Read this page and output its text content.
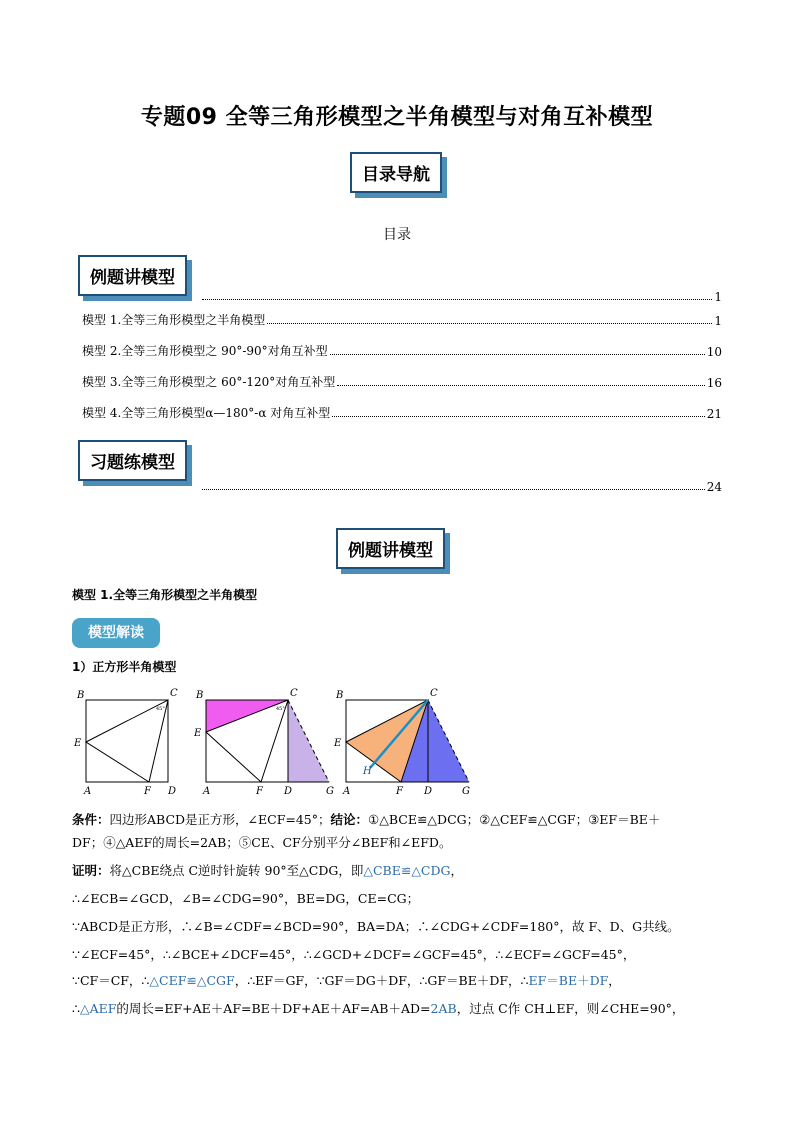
专题09 全等三角形模型之半角模型与对角互补模型
目录导航
目录
例题讲模型
1
模型 1.全等三角形模型之半角模型	1
模型 2.全等三角形模型之 90°-90°对角互补型	10
模型 3.全等三角形模型之 60°-120°对角互补型	16
模型 4.全等三角形模型α—180°-α 对角互补型	21
习题练模型
24
例题讲模型
模型 1.全等三角形模型之半角模型
模型解读
1）正方形半角模型
B	C
E
A	F D
45°
B	C
E
A	F D	G
45°
B	C
E
H
A	F D	G
条件：四边形ABCD是正方形，∠ECF=45°；结论：①△BCE≌△DCG；②△CEF≌△CGF；③EF＝BE＋
DF；④△AEF的周长=2AB；⑤CE、CF分别平分∠BEF和∠EFD。
证明：将△CBE绕点 C逆时针旋转 90°至△CDG，即△CBE≌△CDG，
∴∠ECB=∠GCD，∠B=∠CDG=90°，BE=DG，CE=CG；
∵ABCD是正方形，∴∠B=∠CDF=∠BCD=90°，BA=DA；∴∠CDG+∠CDF=180°，故 F、D、G共线。
∵∠ECF=45°，∴∠BCE+∠DCF=45°，∴∠GCD+∠DCF=∠GCF=45°，∴∠ECF=∠GCF=45°，
∵CF＝CF，∴△CEF≌△CGF，∴EF＝GF，∵GF＝DG＋DF，∴GF＝BE＋DF，∴EF＝BE＋DF，
∴△AEF的周长=EF+AE＋AF=BE＋DF+AE＋AF=AB＋AD=2AB，过点 C作 CH⊥EF，则∠CHE=90°，
